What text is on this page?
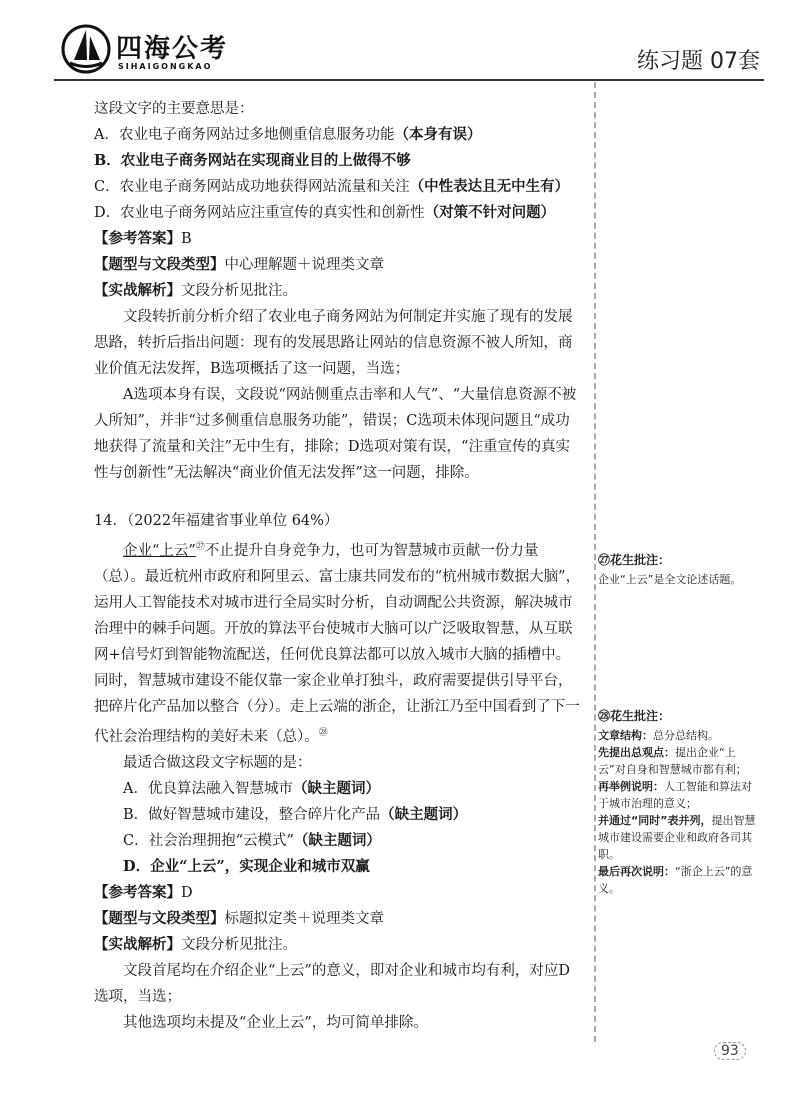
四海公考
SIHAIGONGKAO	练习题 07套

这段文字的主要意思是：

A．农业电子商务网站过多地侧重信息服务功能（本身有误）

B．农业电子商务网站在实现商业目的上做得不够

C．农业电子商务网站成功地获得网站流量和关注（中性表达且无中生有）

D．农业电子商务网站应注重宣传的真实性和创新性（对策不针对问题）

【参考答案】B

【题型与文段类型】中心理解题＋说理类文章

【实战解析】文段分析见批注。

文段转折前分析介绍了农业电子商务网站为何制定并实施了现有的发展思路，转折后指出问题：现有的发展思路让网站的信息资源不被人所知，商业价值无法发挥，B选项概括了这一问题，当选；

A选项本身有误，文段说“网站侧重点击率和人气”、“大量信息资源不被人所知”，并非“过多侧重信息服务功能”，错误；C选项未体现问题且“成功地获得了流量和关注”无中生有，排除；D选项对策有误，“注重宣传的真实性与创新性”无法解决“商业价值无法发挥”这一问题，排除。

14．（2022年福建省事业单位 64%）

企业“上云”$^㉗$不止提升自身竞争力，也可为智慧城市贡献一份力量（总）。最近杭州市政府和阿里云、富士康共同发布的“杭州城市数据大脑”，运用人工智能技术对城市进行全局实时分析，自动调配公共资源，解决城市治理中的棘手问题。开放的算法平台使城市大脑可以广泛吸取智慧，从互联网+信号灯到智能物流配送，任何优良算法都可以放入城市大脑的插槽中。同时，智慧城市建设不能仅靠一家企业单打独斗，政府需要提供引导平台，把碎片化产品加以整合（分）。走上云端的浙企，让浙江乃至中国看到了下一代社会治理结构的美好未来（总）。$^㉘$

最适合做这段文字标题的是：

A．优良算法融入智慧城市（缺主题词）

B．做好智慧城市建设，整合碎片化产品（缺主题词）

C．社会治理拥抱“云模式”（缺主题词）

D．企业“上云”，实现企业和城市双赢

【参考答案】D

【题型与文段类型】标题拟定类＋说理类文章

【实战解析】文段分析见批注。

文段首尾均在介绍企业“上云”的意义，即对企业和城市均有利，对应D选项，当选；

其他选项均未提及“企业上云”，均可简单排除。

㉗花生批注：

企业“上云”是全文论述话题。

㉘花生批注：

文章结构：总分总结构。

先提出总观点：提出企业“上云”对自身和智慧城市都有利；

再举例说明：人工智能和算法对于城市治理的意义；

并通过“同时”表并列，提出智慧城市建设需要企业和政府各司其职。

最后再次说明：“浙企上云”的意义。

93
